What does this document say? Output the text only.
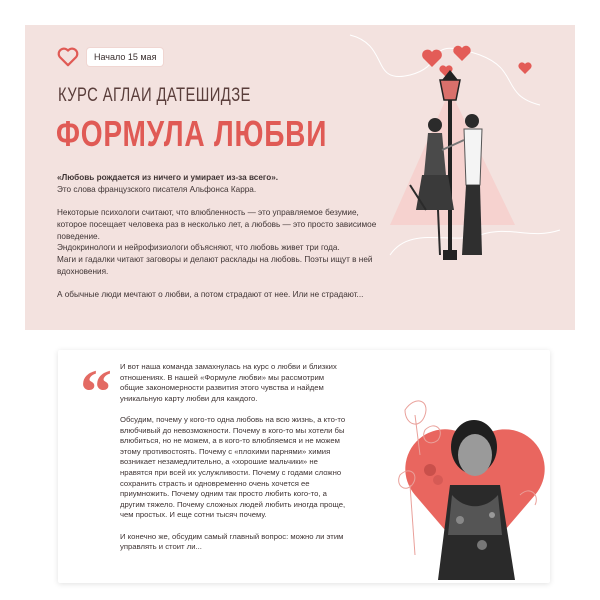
Начало 15 мая
КУРС АГЛАИ ДАТЕШИДЗЕ
ФОРМУЛА ЛЮБВИ

«Любовь рождается из ничего и умирает из-за всего».

Это слова французского писателя Альфонса Карра.

Некоторые психологи считают, что влюбленность — это управляемое безумие,

которое посещает человека раз в несколько лет, а любовь — это просто зависимое

поведение.

Эндокринологи и нейрофизиологи объясняют, что любовь живет три года.

Маги и гадалки читают заговоры и делают расклады на любовь. Поэты ищут в ней

вдохновения.

А обычные люди мечтают о любви, а потом страдают от нее. Или не страдают...

“ И вот наша команда замахнулась на курс о любви и близких

отношениях. В нашей «Формуле любви» мы рассмотрим

общие закономерности развития этого чувства и найдем

уникальную карту любви для каждого.

Обсудим, почему у кого-то одна любовь на всю жизнь, а кто-то

влюбчивый до невозможности. Почему в кого-то мы хотели бы

влюбиться, но не можем, а в кого-то влюбляемся и не можем

этому противостоять. Почему с «плохими парнями» химия

возникает незамедлительно, а «хорошие мальчики» не

нравятся при всей их услужливости. Почему с годами сложно

сохранить страсть и одновременно очень хочется ее

приумножить. Почему одним так просто любить кого-то, а

другим тяжело. Почему сложных людей любить иногда проще,

чем простых. И еще сотни тысяч почему.

И конечно же, обсудим самый главный вопрос: можно ли этим

управлять и стоит ли...
